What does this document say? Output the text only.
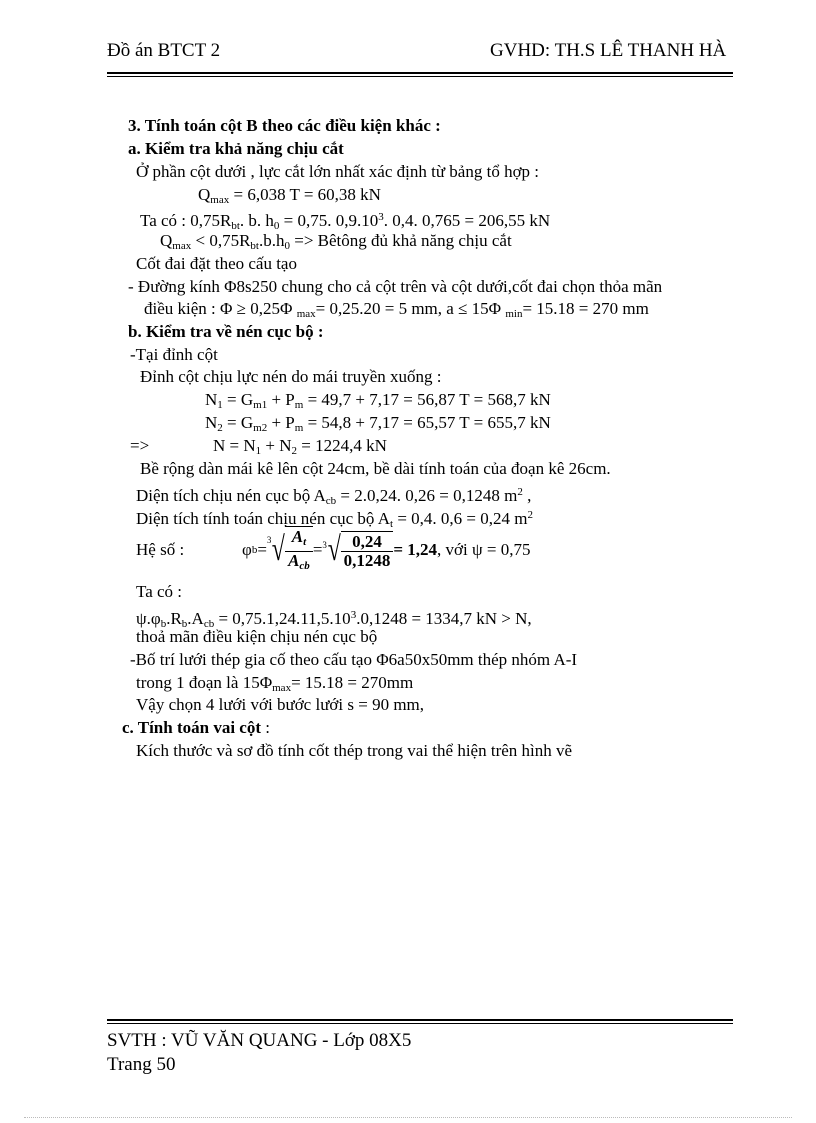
Đồ án BTCT 2	GVHD: TH.S LÊ THANH HÀ
3. Tính toán cột B theo các điều kiện khác :
a. Kiểm tra khả năng chịu cắt
Ở phần cột dưới , lực cắt lớn nhất xác định từ bảng tổ hợp :
$Q_{max} = 6,038$ T = 60,38 kN
Ta có : $0,75R_{bt}$. b. $h_0 = 0,75$. 0,9.10$^3$. 0,4. 0,765 = 206,55 kN
$Q_{max} < 0,75R_{bt}.b.h_0$ => Bêtông đủ khả năng chịu cắt
Cốt đai đặt theo cấu tạo
- Đường kính Φ8s250 chung cho cả cột trên và cột dưới,cốt đai chọn thỏa mãn
điều kiện : Φ ≥ 0,25Φ $_{max}$= 0,25.20 = 5 mm, a ≤ 15Φ $_{min}$= 15.18 = 270 mm
b. Kiểm tra về nén cục bộ :
-Tại đỉnh cột
Đỉnh cột chịu lực nén do mái truyền xuống :
$N_1 = G_{m1} + P_m = 49,7 + 7,17 = 56,87$ T = 568,7 kN
$N_2 = G_{m2} + P_m = 54,8 + 7,17 = 65,57$ T = 655,7 kN
=>	$N = N_1 + N_2 = 1224,4$ kN
Bề rộng dàn mái kê lên cột 24cm, bề dài tính toán của đoạn kê 26cm.
Diện tích chịu nén cục bộ $A_{cb} = 2.0,24$. 0,26 = 0,1248 $m^2$ ,
Diện tích tính toán chịu nén cục bộ $A_t = 0,4$. 0,6 = 0,24 $m^2$
Hệ số :	φ b =
3 √ $\frac{A_t}{A_{cb}} = 3$ √ $\frac{0,24}{0,1248} = 1,24$ , với ψ = 0,75
Ta có :
$\psi.\varphi_b.R_b.A_{cb} = 0,75.1,24.11,5.10^3.0,1248 = 1334,7$ kN > N,
thoả mãn điều kiện chịu nén cục bộ
-Bố trí lưới thép gia cố theo cấu tạo Φ6a50x50mm thép nhóm A-I
trong 1 đoạn là $15\Phi_{max}= 15.18 = 270mm$
Vậy chọn 4 lưới với bước lưới s = 90 mm,
c. Tính toán vai cột :
Kích thước và sơ đồ tính cốt thép trong vai thể hiện trên hình vẽ
SVTH : VŨ VĂN QUANG - Lớp 08X5
Trang 50
